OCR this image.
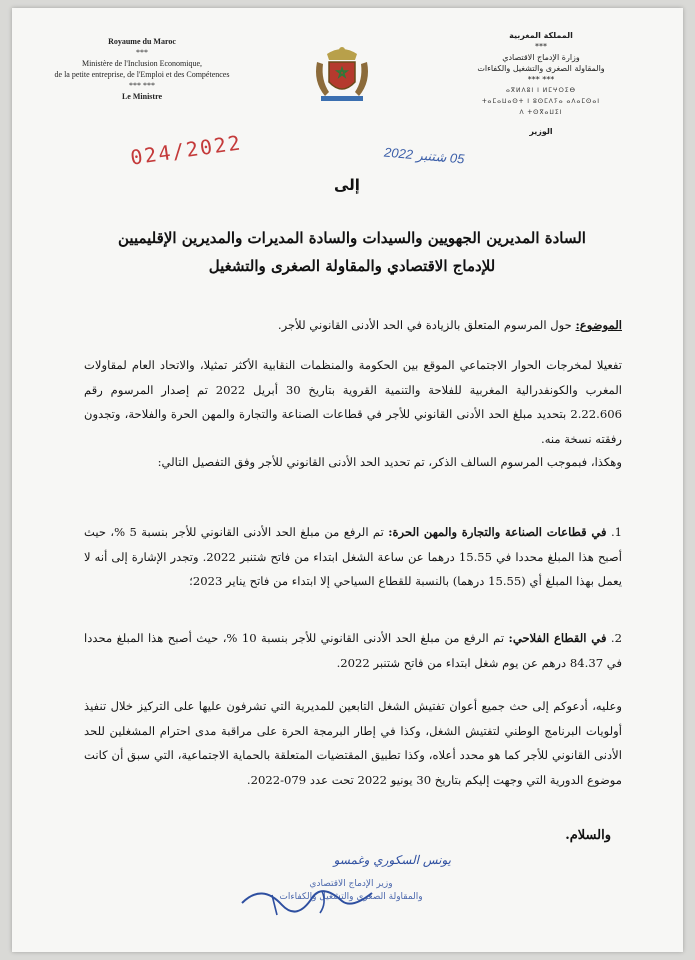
Royaume du Maroc
***
Ministère de l'Inclusion Economique,
de la petite entreprise, de l'Emploi et des Compétences
*** ***
Le Ministre
المملكة المغربية
***
وزارة الإدماج الاقتصادي
والمقاولة الصغرى والتشغيل والكفاءات
*** ***
ⴰⴳⵍⴷⵓⵏ ⵏ ⵍⵎⵖⵔⵉⴱ
ⵜⴰⵎⴰⵡⴰⵙⵜ ⵏ ⵓⵙⵎⴷⵢⴰ ⴰⴷⴰⵎⵙⴰⵏ
ⴷ ⵜⵙⴳⴰⵡⵉⵏ
الوزير
024/2022	05 شتنبر 2022
إلى
السادة المديرين الجهويين والسيدات والسادة المديرات والمديرين الإقليميين
للإدماج الاقتصادي والمقاولة الصغرى والتشغيل
الموضوع: حول المرسوم المتعلق بالزيادة في الحد الأدنى القانوني للأجر.
تفعيلا لمخرجات الحوار الاجتماعي الموقع بين الحكومة والمنظمات النقابية الأكثر تمثيلا، والاتحاد العام لمقاولات المغرب والكونفدرالية المغربية للفلاحة والتنمية القروية بتاريخ 30 أبريل 2022 تم إصدار المرسوم رقم 2.22.606 بتحديد مبلغ الحد الأدنى القانوني للأجر في قطاعات الصناعة والتجارة والمهن الحرة والفلاحة، وتجدون رفقته نسخة منه.
وهكذا، فبموجب المرسوم السالف الذكر، تم تحديد الحد الأدنى القانوني للأجر وفق التفصيل التالي:
1. في قطاعات الصناعة والتجارة والمهن الحرة: تم الرفع من مبلغ الحد الأدنى القانوني للأجر بنسبة 5 %، حيث أصبح هذا المبلغ محددا في 15.55 درهما عن ساعة الشغل ابتداء من فاتح شتنبر 2022. وتجدر الإشارة إلى أنه لا يعمل بهذا المبلغ أي (15.55 درهما) بالنسبة للقطاع السياحي إلا ابتداء من فاتح يناير 2023؛
2. في القطاع الفلاحي: تم الرفع من مبلغ الحد الأدنى القانوني للأجر بنسبة 10 %، حيث أصبح هذا المبلغ محددا في 84.37 درهم عن يوم شغل ابتداء من فاتح شتنبر 2022.
وعليه، أدعوكم إلى حث جميع أعوان تفتيش الشغل التابعين للمديرية التي تشرفون عليها على التركيز خلال تنفيذ أولويات البرنامج الوطني لتفتيش الشغل، وكذا في إطار البرمجة الحرة على مراقبة مدى احترام المشغلين للحد الأدنى القانوني للأجر كما هو محدد أعلاه، وكذا تطبيق المقتضيات المتعلقة بالحماية الاجتماعية، التي سبق أن كانت موضوع الدورية التي وجهت إليكم بتاريخ 30 يونيو 2022 تحت عدد 079-2022.
والسلام.
يونس السكوري وغمسو
وزير الإدماج الاقتصادي
والمقاولة الصغرى والتشغيل والكفاءات
